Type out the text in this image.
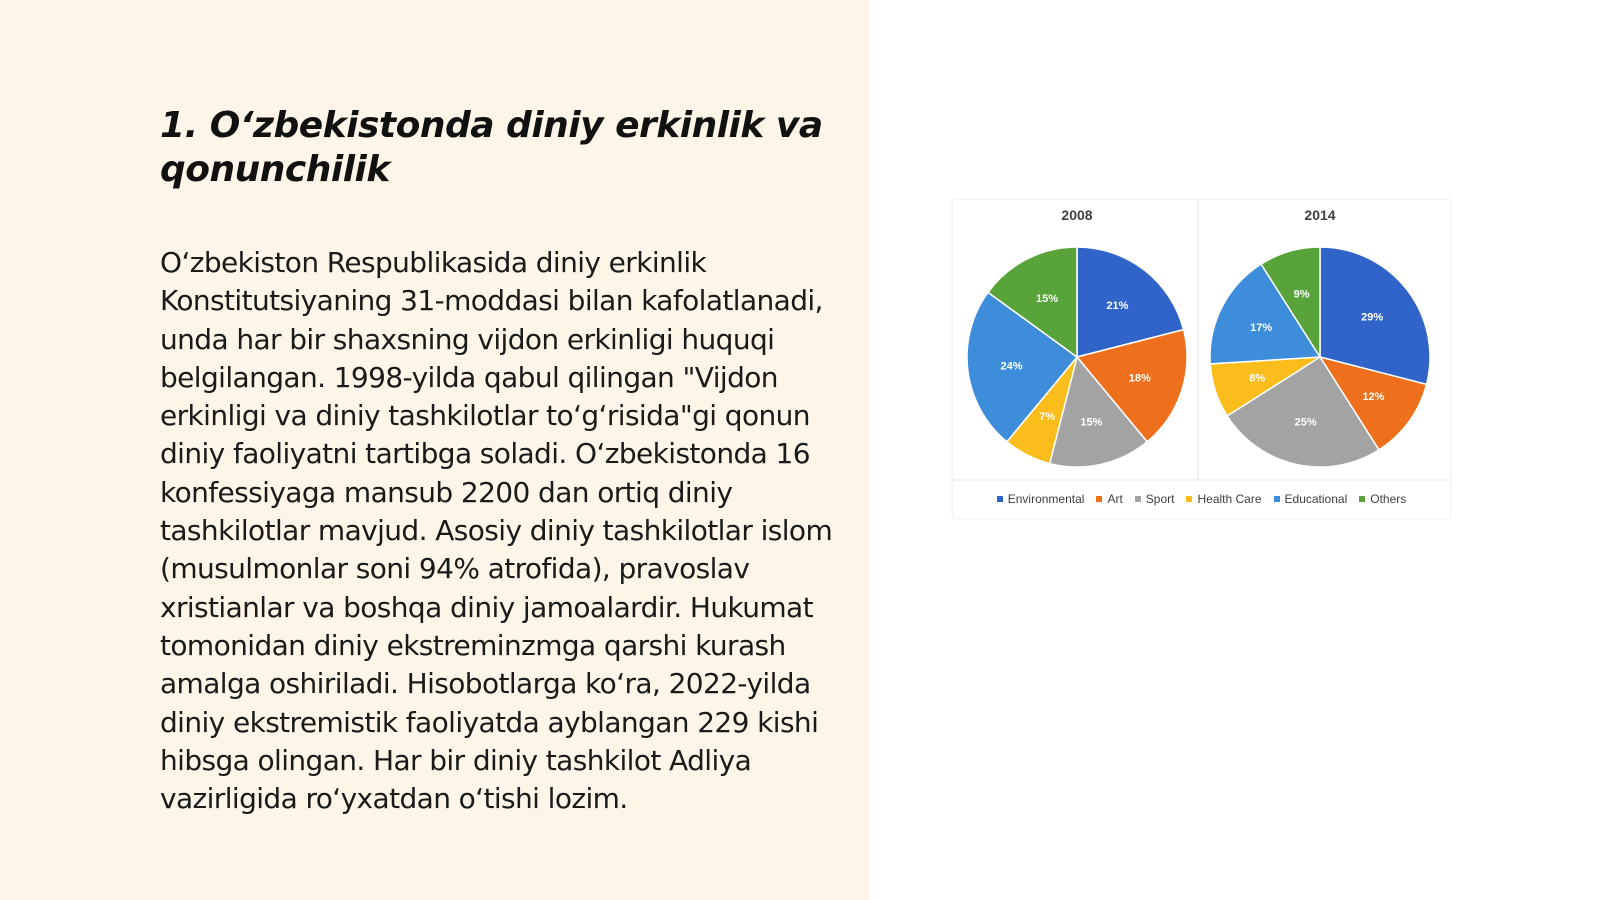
1. O‘zbekistonda diniy erkinlik va qonunchilik

O‘zbekiston Respublikasida diniy erkinlik Konstitutsiyaning 31-moddasi bilan kafolatlanadi, unda har bir shaxsning vijdon erkinligi huquqi belgilangan. 1998-yilda qabul qilingan "Vijdon erkinligi va diniy tashkilotlar to‘g‘risida"gi qonun diniy faoliyatni tartibga soladi. O‘zbekistonda 16 konfessiyaga mansub 2200 dan ortiq diniy tashkilotlar mavjud. Asosiy diniy tashkilotlar islom (musulmonlar soni 94% atrofida), pravoslav xristianlar va boshqa diniy jamoalardir. Hukumat tomonidan diniy ekstreminzmga qarshi kurash amalga oshiriladi. Hisobotlarga ko‘ra, 2022-yilda diniy ekstremistik faoliyatda ayblangan 229 kishi hibsga olingan. Har bir diniy tashkilot Adliya vazirligida ro‘yxatdan o‘tishi lozim.

2008
21%
18%
15%
7%
24%
15%
2014
29%
12%
25%
8%
17%
9%
Environmental Art Sport Health Care Educational Others
